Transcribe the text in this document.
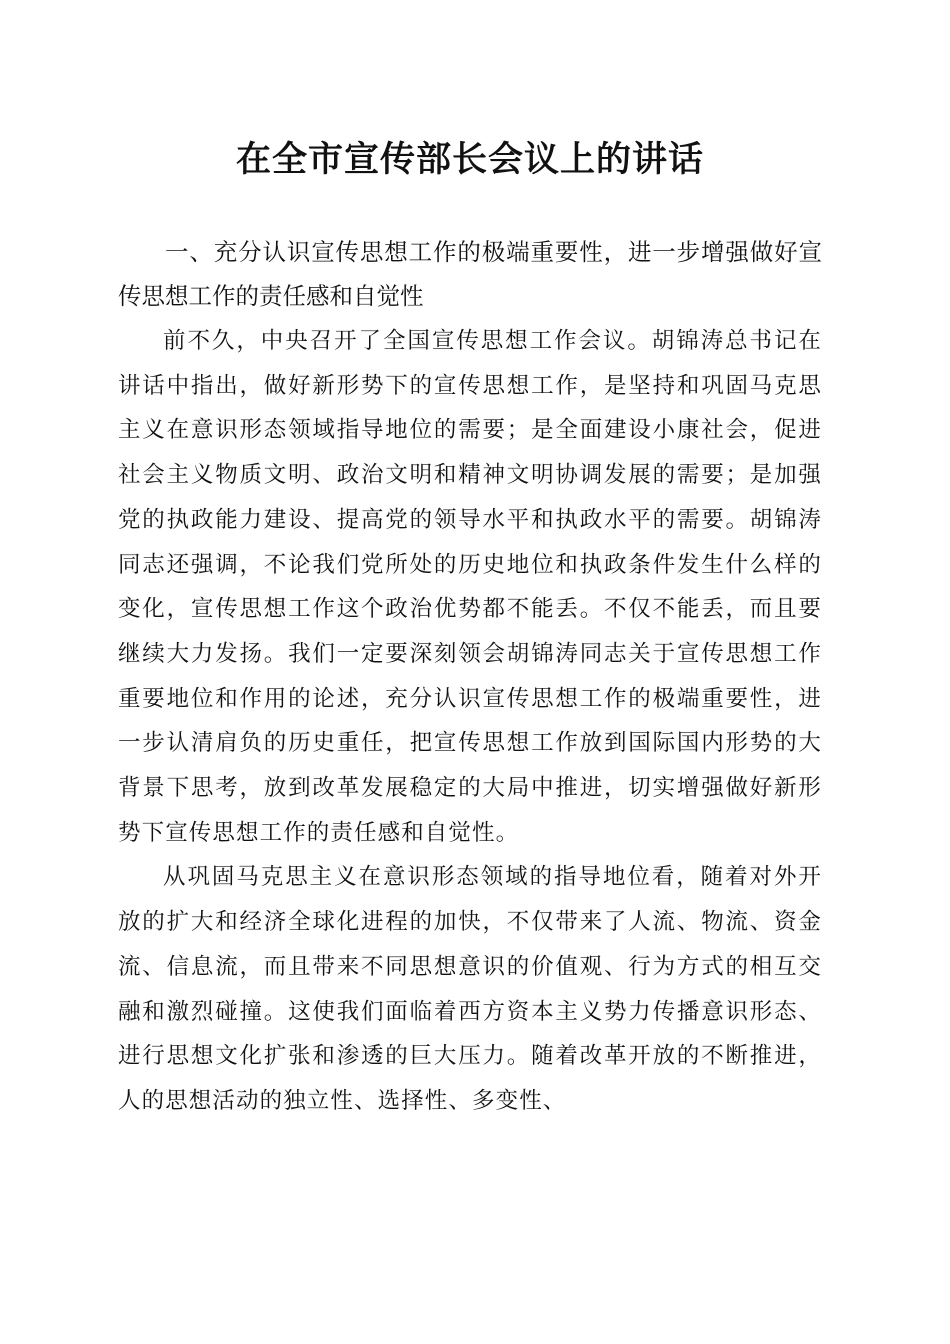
在全市宣传部长会议上的讲话
一、充分认识宣传思想工作的极端重要性，进一步增强做好宣传思想工作的责任感和自觉性

前不久，中央召开了全国宣传思想工作会议。胡锦涛总书记在讲话中指出，做好新形势下的宣传思想工作，是坚持和巩固马克思主义在意识形态领域指导地位的需要；是全面建设小康社会，促进社会主义物质文明、政治文明和精神文明协调发展的需要；是加强党的执政能力建设、提高党的领导水平和执政水平的需要。胡锦涛同志还强调，不论我们党所处的历史地位和执政条件发生什么样的变化，宣传思想工作这个政治优势都不能丢。不仅不能丢，而且要继续大力发扬。我们一定要深刻领会胡锦涛同志关于宣传思想工作重要地位和作用的论述，充分认识宣传思想工作的极端重要性，进一步认清肩负的历史重任，把宣传思想工作放到国际国内形势的大背景下思考，放到改革发展稳定的大局中推进，切实增强做好新形势下宣传思想工作的责任感和自觉性。

从巩固马克思主义在意识形态领域的指导地位看，随着对外开放的扩大和经济全球化进程的加快，不仅带来了人流、物流、资金流、信息流，而且带来不同思想意识的价值观、行为方式的相互交融和激烈碰撞。这使我们面临着西方资本主义势力传播意识形态、进行思想文化扩张和渗透的巨大压力。随着改革开放的不断推进，人的思想活动的独立性、选择性、多变性、
